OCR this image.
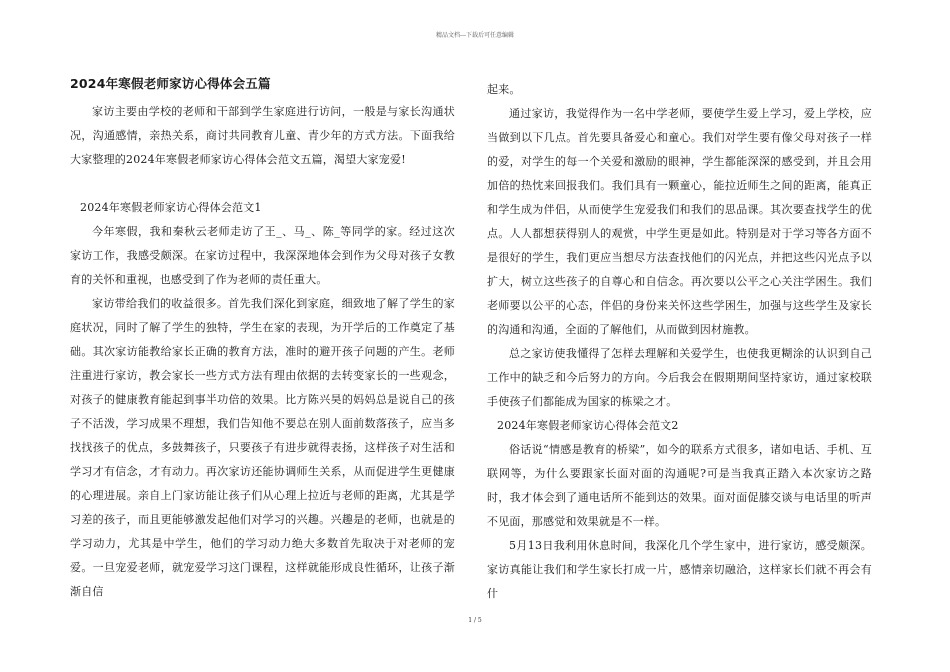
精品文档---下载后可任意编辑
2024年寒假老师家访心得体会五篇

家访主要由学校的老师和干部到学生家庭进行访问，一般是与家长沟通状况，沟通感情，亲热关系，商讨共同教育儿童、青少年的方式方法。下面我给大家整理的2024年寒假老师家访心得体会范文五篇，渴望大家宠爱!

2024年寒假老师家访心得体会范文1

今年寒假，我和秦秋云老师走访了王_、马_、陈_等同学的家。经过这次家访工作，我感受颇深。在家访过程中，我深深地体会到作为父母对孩子女教育的关怀和重视，也感受到了作为老师的责任重大。

家访带给我们的收益很多。首先我们深化到家庭，细致地了解了学生的家庭状况，同时了解了学生的独特，学生在家的表现，为开学后的工作奠定了基础。其次家访能教给家长正确的教育方法，准时的避开孩子问题的产生。老师注重进行家访，教会家长一些方式方法有理由依据的去转变家长的一些观念，对孩子的健康教育能起到事半功倍的效果。比方陈兴昊的妈妈总是说自己的孩子不活泼，学习成果不理想，我们告知他不要总在别人面前数落孩子，应当多找找孩子的优点，多鼓舞孩子，只要孩子有进步就得表扬，这样孩子对生活和学习才有信念，才有动力。再次家访还能协调师生关系，从而促进学生更健康的心理进展。亲自上门家访能让孩子们从心理上拉近与老师的距离，尤其是学习差的孩子，而且更能够激发起他们对学习的兴趣。兴趣是的老师，也就是的学习动力，尤其是中学生，他们的学习动力绝大多数首先取决于对老师的宠爱。一旦宠爱老师，就宠爱学习这门课程，这样就能形成良性循环，让孩子渐渐自信

起来。

通过家访，我觉得作为一名中学老师，要使学生爱上学习，爱上学校，应当做到以下几点。首先要具备爱心和童心。我们对学生要有像父母对孩子一样的爱，对学生的每一个关爱和激励的眼神，学生都能深深的感受到，并且会用加倍的热忱来回报我们。我们具有一颗童心，能拉近师生之间的距离，能真正和学生成为伴侣，从而使学生宠爱我们和我们的思品课。其次要查找学生的优点。人人都想获得别人的观赏，中学生更是如此。特别是对于学习等各方面不是很好的学生，我们更应当想尽方法查找他们的闪光点，并把这些闪光点予以扩大，树立这些孩子的自尊心和自信念。再次要以公平之心关注学困生。我们老师要以公平的心态，伴侣的身份来关怀这些学困生，加强与这些学生及家长的沟通和沟通，全面的了解他们，从而做到因材施教。

总之家访使我懂得了怎样去理解和关爱学生，也使我更糊涂的认识到自己工作中的缺乏和今后努力的方向。今后我会在假期期间坚持家访，通过家校联手使孩子们都能成为国家的栋梁之才。

2024年寒假老师家访心得体会范文2

俗话说“情感是教育的桥梁”，如今的联系方式很多，诸如电话、手机、互联网等，为什么要跟家长面对面的沟通呢?可是当我真正踏入本次家访之路时，我才体会到了通电话所不能到达的效果。面对面促膝交谈与电话里的听声不见面，那感觉和效果就是不一样。

5月13日我利用休息时间，我深化几个学生家中，进行家访，感受颇深。家访真能让我们和学生家长打成一片，感情亲切融洽，这样家长们就不再会有什

1 / 5
